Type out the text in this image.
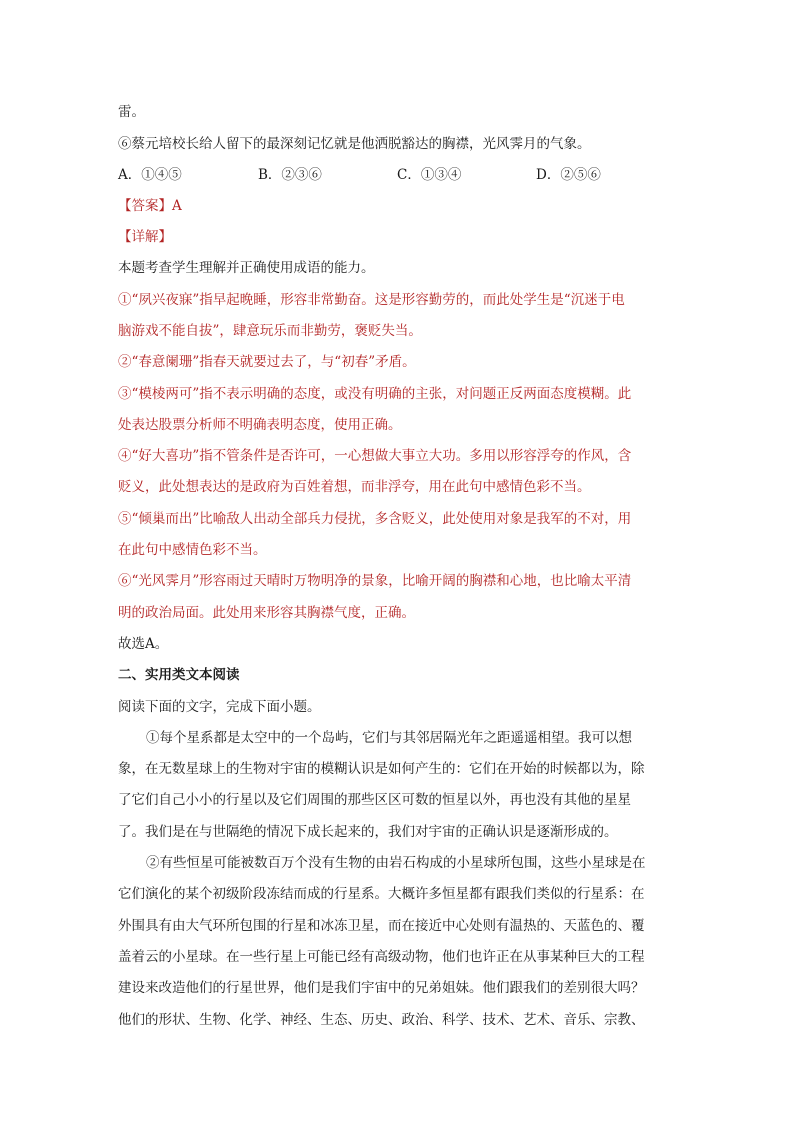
雷。
⑥蔡元培校长给人留下的最深刻记忆就是他洒脱豁达的胸襟，光风霁月的气象。
A．①④⑤	B．②③⑥	C．①③④	D．②⑤⑥
【答案】A
【详解】
本题考查学生理解并正确使用成语的能力。
①“夙兴夜寐”指早起晚睡，形容非常勤奋。这是形容勤劳的，而此处学生是“沉迷于电
脑游戏不能自拔”，肆意玩乐而非勤劳，褒贬失当。
②“春意阑珊”指春天就要过去了，与“初春”矛盾。
③“模棱两可”指不表示明确的态度，或没有明确的主张，对问题正反两面态度模糊。此
处表达股票分析师不明确表明态度，使用正确。
④“好大喜功”指不管条件是否许可，一心想做大事立大功。多用以形容浮夸的作风，含
贬义，此处想表达的是政府为百姓着想，而非浮夸，用在此句中感情色彩不当。
⑤“倾巢而出”比喻敌人出动全部兵力侵扰，多含贬义，此处使用对象是我军的不对，用
在此句中感情色彩不当。
⑥“光风霁月”形容雨过天晴时万物明净的景象，比喻开阔的胸襟和心地，也比喻太平清
明的政治局面。此处用来形容其胸襟气度，正确。
故选A。
二、实用类文本阅读
阅读下面的文字，完成下面小题。
①每个星系都是太空中的一个岛屿，它们与其邻居隔光年之距遥遥相望。我可以想
象，在无数星球上的生物对宇宙的模糊认识是如何产生的：它们在开始的时候都以为，除
了它们自己小小的行星以及它们周围的那些区区可数的恒星以外，再也没有其他的星星
了。我们是在与世隔绝的情况下成长起来的，我们对宇宙的正确认识是逐渐形成的。
②有些恒星可能被数百万个没有生物的由岩石构成的小星球所包围，这些小星球是在
它们演化的某个初级阶段冻结而成的行星系。大概许多恒星都有跟我们类似的行星系：在
外围具有由大气环所包围的行星和冰冻卫星，而在接近中心处则有温热的、天蓝色的、覆
盖着云的小星球。在一些行星上可能已经有高级动物，他们也许正在从事某种巨大的工程
建设来改造他们的行星世界，他们是我们宇宙中的兄弟姐妹。他们跟我们的差别很大吗？
他们的形状、生物、化学、神经、生态、历史、政治、科学、技术、艺术、音乐、宗教、
